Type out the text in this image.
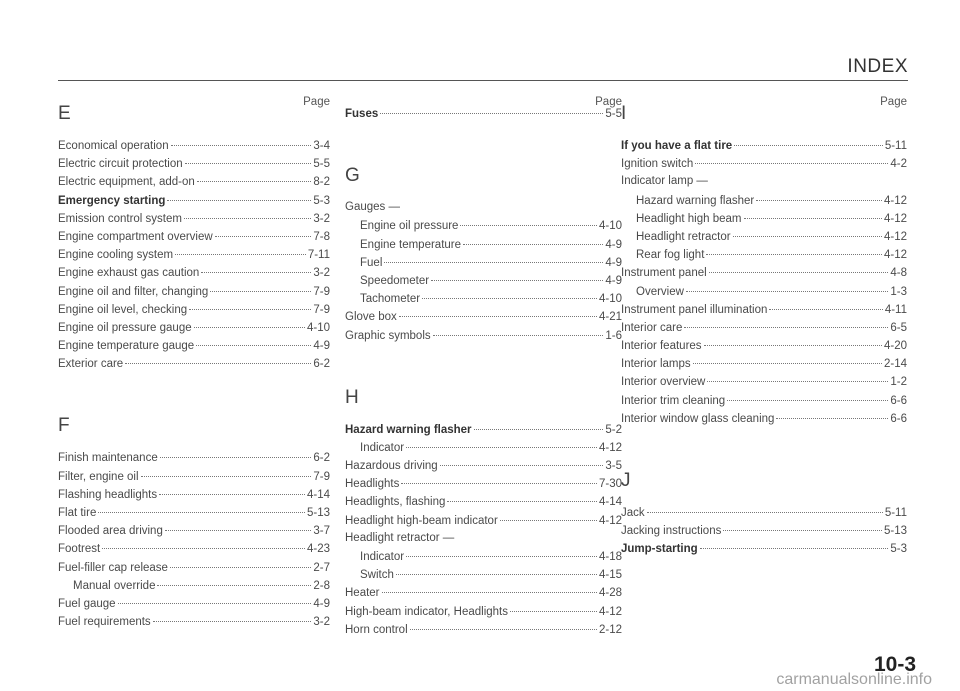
INDEX
Page
E
Economical operation	3-4
Electric circuit protection	5-5
Electric equipment, add-on	8-2
Emergency starting	5-3
Emission control system	3-2
Engine compartment overview	7-8
Engine cooling system	7-11
Engine exhaust gas caution	3-2
Engine oil and filter, changing	7-9
Engine oil level, checking	7-9
Engine oil pressure gauge	4-10
Engine temperature gauge	4-9
Exterior care	6-2
F
Finish maintenance	6-2
Filter, engine oil	7-9
Flashing headlights	4-14
Flat tire	5-13
Flooded area driving	3-7
Footrest	4-23
Fuel-filler cap release	2-7
Manual override	2-8
Fuel gauge	4-9
Fuel requirements	3-2
Page
Fuses	5-5
G
Gauges —
Engine oil pressure	4-10
Engine temperature	4-9
Fuel	4-9
Speedometer	4-9
Tachometer	4-10
Glove box	4-21
Graphic symbols	1-6
H
Hazard warning flasher	5-2
Indicator	4-12
Hazardous driving	3-5
Headlights	7-30
Headlights, flashing	4-14
Headlight high-beam indicator	4-12
Headlight retractor —
Indicator	4-18
Switch	4-15
Heater	4-28
High-beam indicator, Headlights	4-12
Horn control	2-12
Page
I
If you have a flat tire	5-11
Ignition switch	4-2
Indicator lamp —
Hazard warning flasher	4-12
Headlight high beam	4-12
Headlight retractor	4-12
Rear fog light	4-12
Instrument panel	4-8
Overview	1-3
Instrument panel illumination	4-11
Interior care	6-5
Interior features	4-20
Interior lamps	2-14
Interior overview	1-2
Interior trim cleaning	6-6
Interior window glass cleaning	6-6
J
Jack	5-11
Jacking instructions	5-13
Jump-starting	5-3
10-3
carmanualsonline.info
